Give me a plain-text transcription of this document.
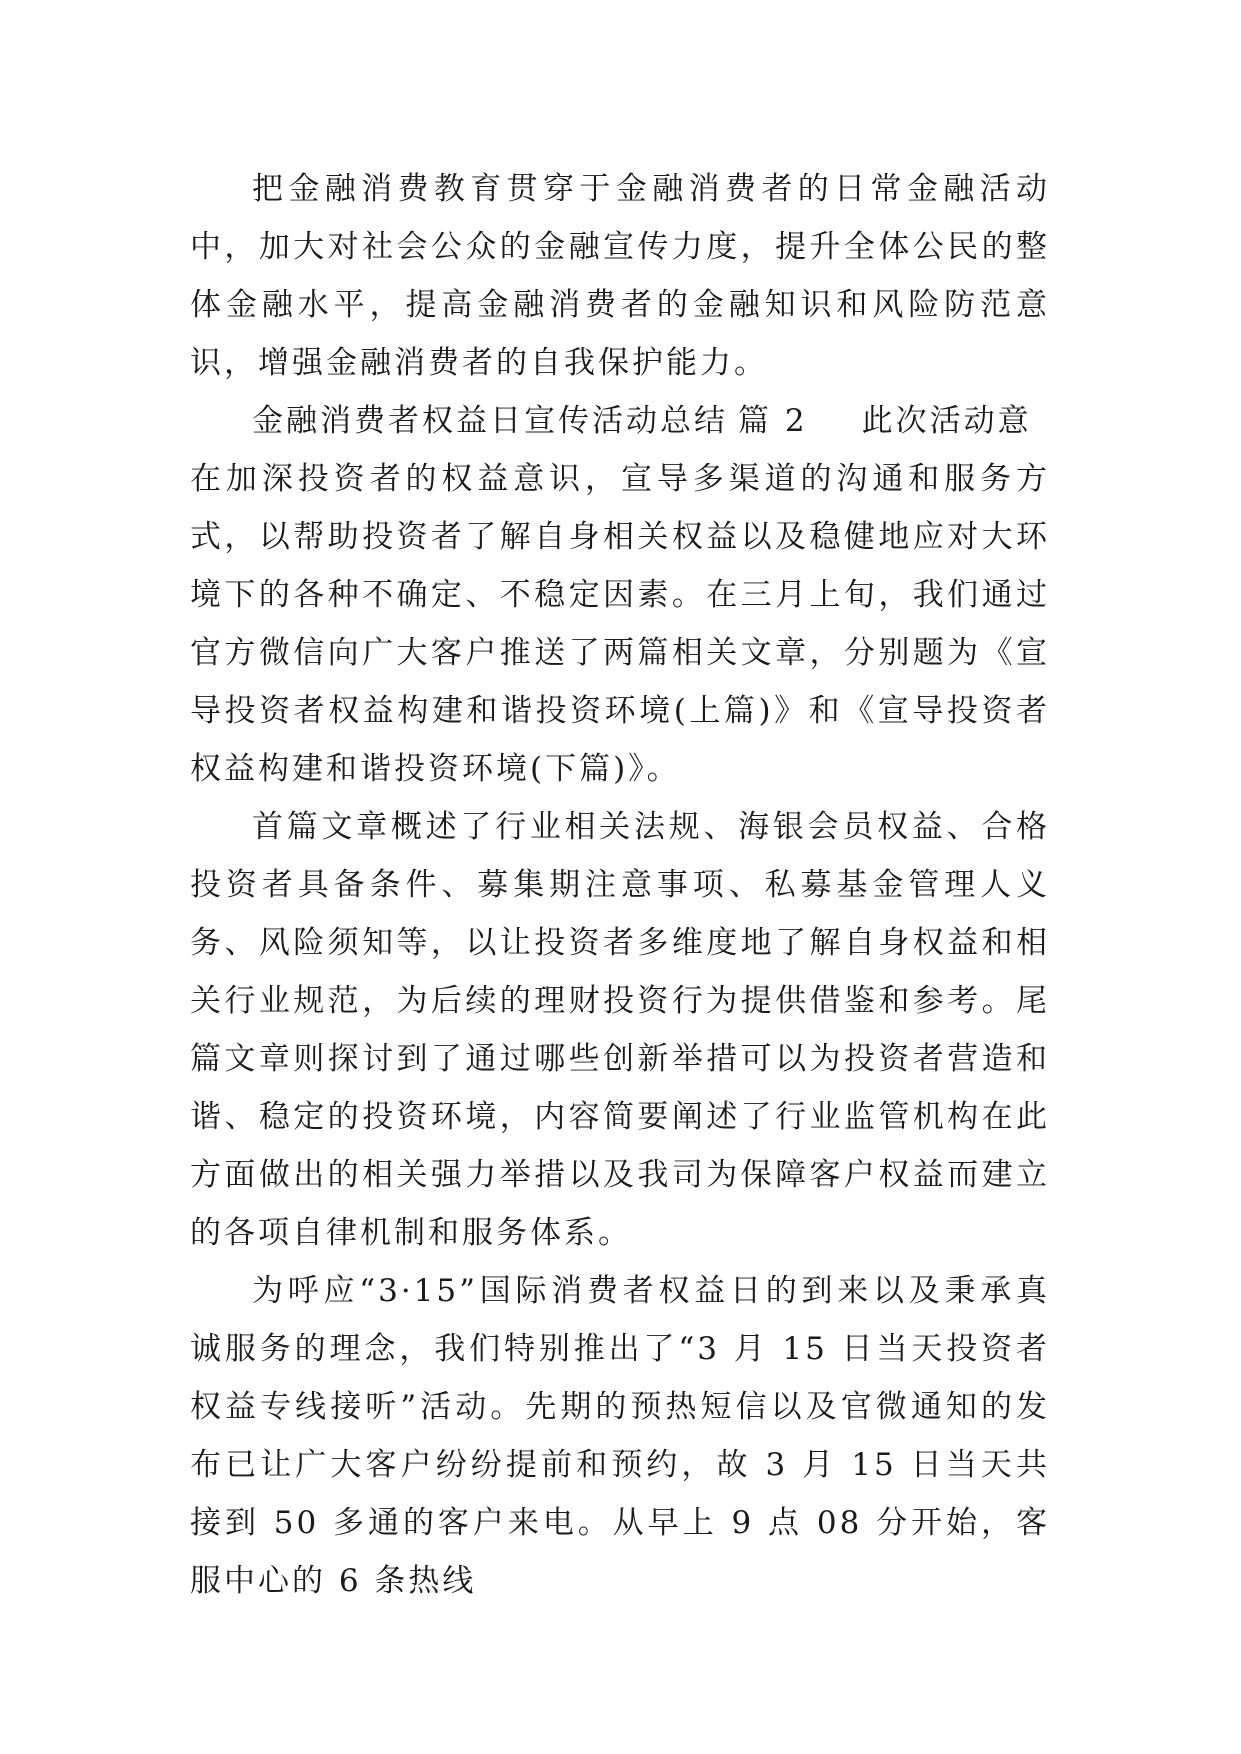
把金融消费教育贯穿于金融消费者的日常金融活动中，加大对社会公众的金融宣传力度，提升全体公民的整体金融水平，提高金融消费者的金融知识和风险防范意识，增强金融消费者的自我保护能力。

金融消费者权益日宣传活动总结 篇 2 此次活动意

在加深投资者的权益意识，宣导多渠道的沟通和服务方式，以帮助投资者了解自身相关权益以及稳健地应对大环境下的各种不确定、不稳定因素。在三月上旬，我们通过官方微信向广大客户推送了两篇相关文章，分别题为《宣导投资者权益构建和谐投资环境(上篇)》和《宣导投资者权益构建和谐投资环境(下篇)》。

首篇文章概述了行业相关法规、海银会员权益、合格投资者具备条件、募集期注意事项、私募基金管理人义务、风险须知等，以让投资者多维度地了解自身权益和相关行业规范，为后续的理财投资行为提供借鉴和参考。尾篇文章则探讨到了通过哪些创新举措可以为投资者营造和谐、稳定的投资环境，内容简要阐述了行业监管机构在此方面做出的相关强力举措以及我司为保障客户权益而建立的各项自律机制和服务体系。

为呼应“3·15”国际消费者权益日的到来以及秉承真诚服务的理念，我们特别推出了“3 月 15 日当天投资者权益专线接听”活动。先期的预热短信以及官微通知的发布已让广大客户纷纷提前和预约，故 3 月 15 日当天共接到 50 多通的客户来电。从早上 9 点 08 分开始，客服中心的 6 条热线
